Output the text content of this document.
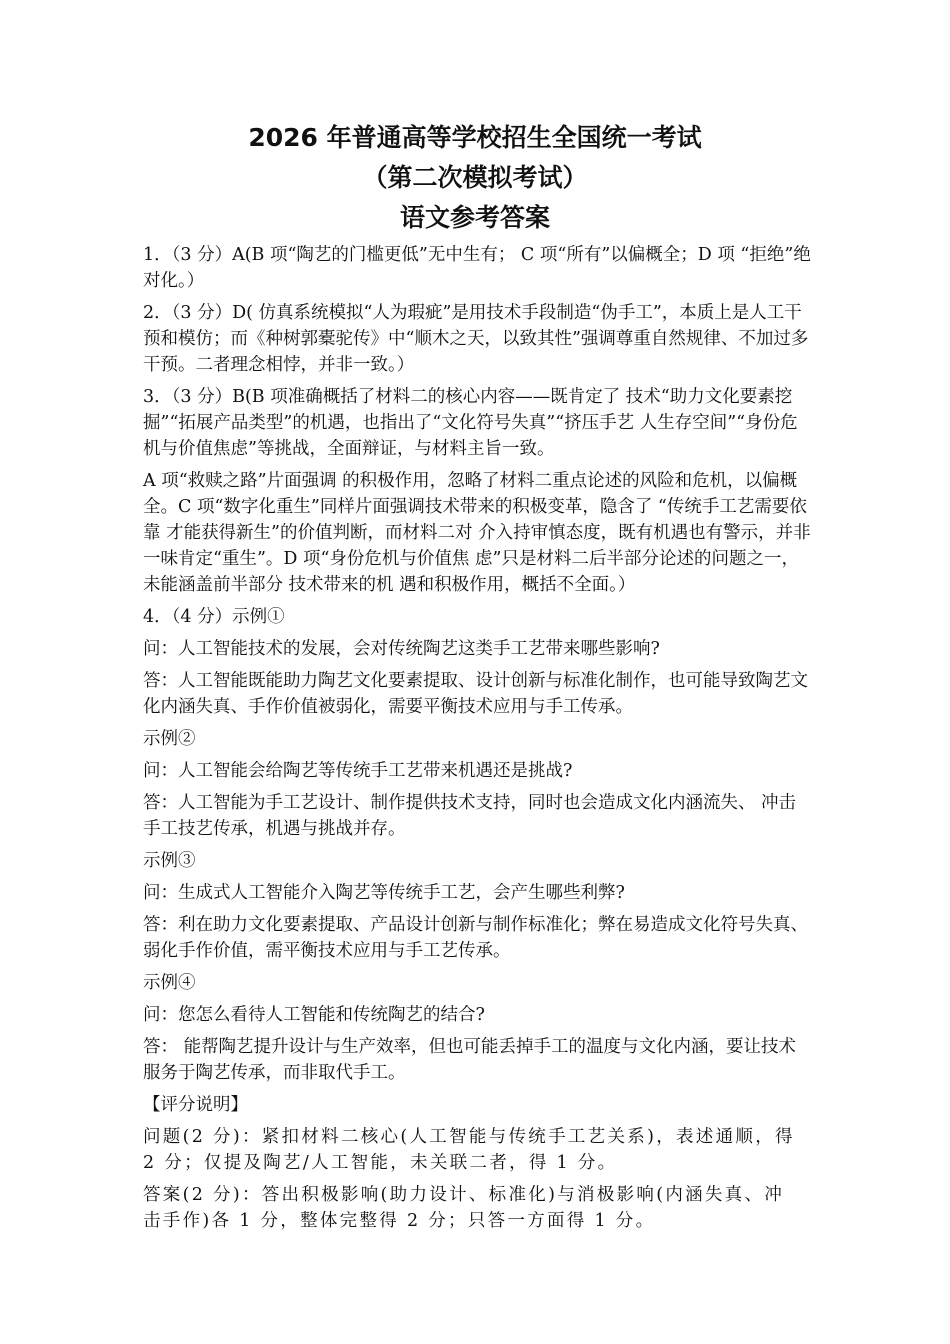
2026 年普通高等学校招生全国统一考试
（第二次模拟考试）
语文参考答案

1．（3 分）A(B 项“陶艺的门槛更低”无中生有； C 项“所有”以偏概全；D 项 “拒绝”绝对化。）

2．（3 分）D( 仿真系统模拟“人为瑕疵”是用技术手段制造“伪手工”，本质上是人工干预和模仿；而《种树郭橐驼传》中“顺木之天，以致其性”强调尊重自然规律、不加过多干预。二者理念相悖，并非一致。）

3．（3 分）B(B 项准确概括了材料二的核心内容——既肯定了 技术“助力文化要素挖掘”“拓展产品类型”的机遇，也指出了“文化符号失真”“挤压手艺 人生存空间”“身份危机与价值焦虑”等挑战，全面辩证，与材料主旨一致。

A 项“救赎之路”片面强调 的积极作用，忽略了材料二重点论述的风险和危机，以偏概全。C 项“数字化重生”同样片面强调技术带来的积极变革，隐含了 “传统手工艺需要依靠 才能获得新生”的价值判断，而材料二对 介入持审慎态度，既有机遇也有警示，并非一味肯定“重生”。D 项“身份危机与价值焦 虑”只是材料二后半部分论述的问题之一，未能涵盖前半部分 技术带来的机 遇和积极作用，概括不全面。）

4．（4 分）示例①

问：人工智能技术的发展，会对传统陶艺这类手工艺带来哪些影响?

答：人工智能既能助力陶艺文化要素提取、设计创新与标准化制作，也可能导致陶艺文化内涵失真、手作价值被弱化，需要平衡技术应用与手工传承。

示例②

问：人工智能会给陶艺等传统手工艺带来机遇还是挑战?

答：人工智能为手工艺设计、制作提供技术支持，同时也会造成文化内涵流失、 冲击手工技艺传承，机遇与挑战并存。

示例③

问：生成式人工智能介入陶艺等传统手工艺，会产生哪些利弊?

答：利在助力文化要素提取、产品设计创新与制作标准化；弊在易造成文化符号失真、弱化手作价值，需平衡技术应用与手工艺传承。

示例④

问：您怎么看待人工智能和传统陶艺的结合?

答： 能帮陶艺提升设计与生产效率，但也可能丢掉手工的温度与文化内涵，要让技术服务于陶艺传承，而非取代手工。

【评分说明】

问题(2 分)：紧扣材料二核心(人工智能与传统手工艺关系)，表述通顺，得 2 分；仅提及陶艺/人工智能，未关联二者，得 1 分。

答案(2 分)：答出积极影响(助力设计、标准化)与消极影响(内涵失真、冲 击手作)各 1 分，整体完整得 2 分；只答一方面得 1 分。
